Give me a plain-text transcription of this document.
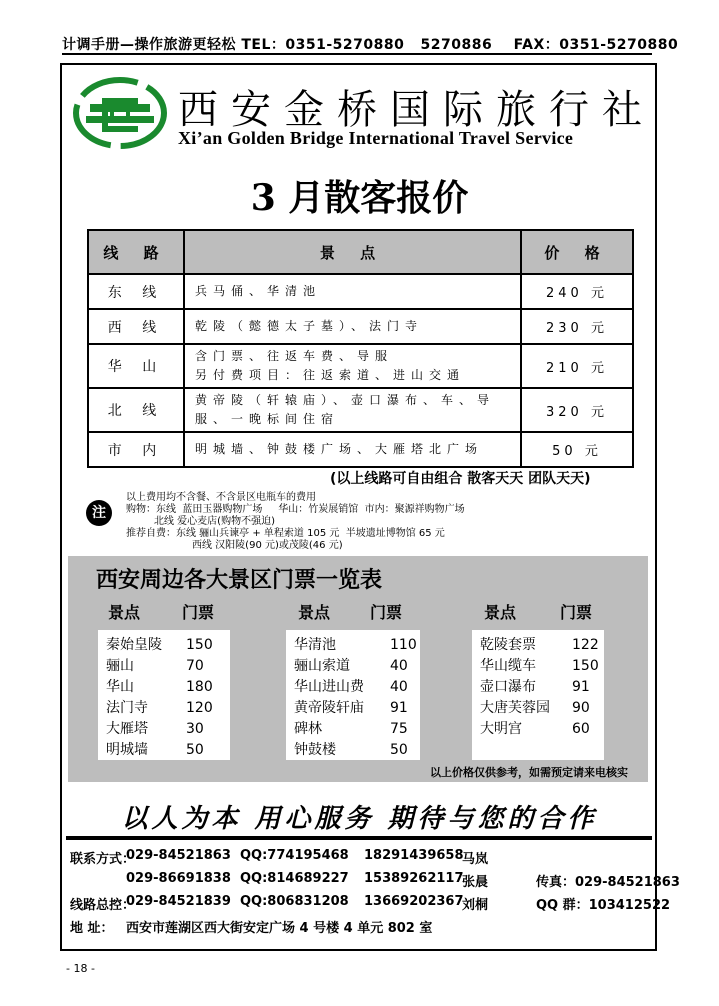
计调手册—操作旅游更轻松 TEL：0351-5270880   5270886    FAX：0351-5270880
西安金桥国际旅行社
Xi’an Golden Bridge International Travel Service
3 月散客报价
线 路	景 点	价 格
东 线	兵马俑、华清池	240 元
西 线	乾陵（懿德太子墓）、法门寺	230 元
华 山	含门票、往返车费、导服
另付费项目：往返索道、进山交通	210 元
北 线	黄帝陵（轩辕庙）、壶口瀑布、车、导
服、一晚标间住宿	320 元
市 内	明城墙、钟鼓楼广场、大雁塔北广场	50 元
(以上线路可自由组合 散客天天 团队天天)
注
以上费用均不含餐、不含景区电瓶车的费用
购物：东线  蓝田玉器购物广场     华山：竹炭展销馆  市内：聚源祥购物广场
北线 爱心麦店(购物不强迫)
推荐自费：东线 骊山兵谏亭 + 单程索道 105 元  半坡遗址博物馆 65 元
西线 汉阳陵(90 元)或茂陵(46 元)
西安周边各大景区门票一览表
景点	门票	景点 门票	景点	门票
秦始皇陵 150
骊山	70
华山	180
法门寺	120
大雁塔	30
明城墙	50
华清池	110
骊山索道	40
华山进山费 40
黄帝陵轩庙 91
碑林	75
钟鼓楼	50
乾陵套票	122
华山缆车	150
壶口瀑布	91
大唐芙蓉园 90
大明宫	60
以上价格仅供参考，如需预定请来电核实
以人为本 用心服务 期待与您的合作
联系方式：
029-84521863 QQ:774195468 18291439658
马岚
029-86691838 QQ:814689227 15389262117
张晨	传真：029-84521863
线路总控：
029-84521839 QQ:806831208 13669202367
刘桐	QQ 群：103412522
地 址： 西安市莲湖区西大街安定广场 4 号楼 4 单元 802 室
- 18 -
